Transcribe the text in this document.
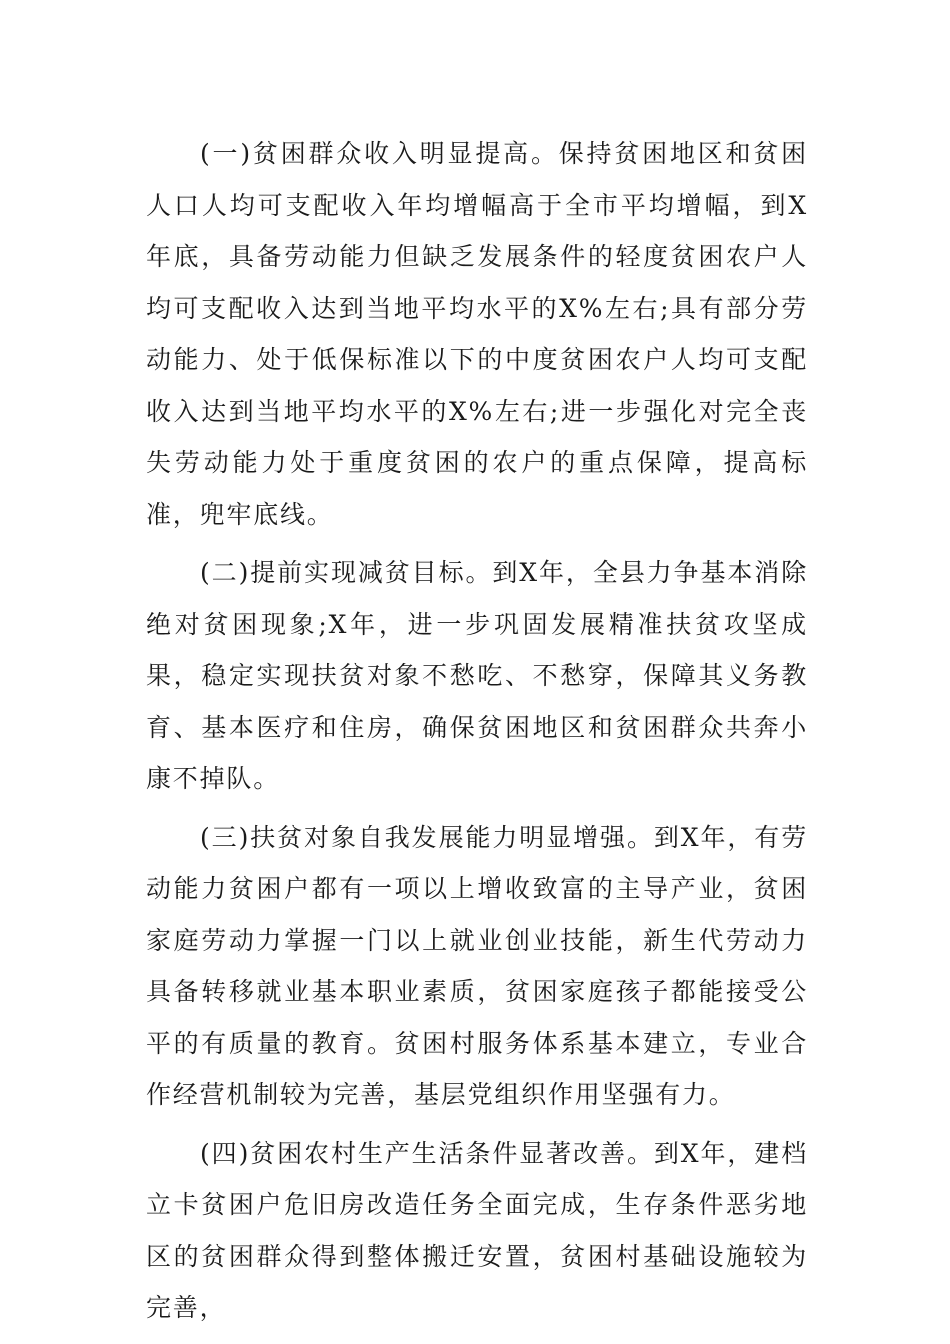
(一)贫困群众收入明显提高。保持贫困地区和贫困人口人均可支配收入年均增幅高于全市平均增幅，到X年底，具备劳动能力但缺乏发展条件的轻度贫困农户人均可支配收入达到当地平均水平的X%左右;具有部分劳动能力、处于低保标准以下的中度贫困农户人均可支配收入达到当地平均水平的X%左右;进一步强化对完全丧失劳动能力处于重度贫困的农户的重点保障，提高标准，兜牢底线。

(二)提前实现减贫目标。到X年，全县力争基本消除绝对贫困现象;X年，进一步巩固发展精准扶贫攻坚成果，稳定实现扶贫对象不愁吃、不愁穿，保障其义务教育、基本医疗和住房，确保贫困地区和贫困群众共奔小康不掉队。

(三)扶贫对象自我发展能力明显增强。到X年，有劳动能力贫困户都有一项以上增收致富的主导产业，贫困家庭劳动力掌握一门以上就业创业技能，新生代劳动力具备转移就业基本职业素质，贫困家庭孩子都能接受公平的有质量的教育。贫困村服务体系基本建立，专业合作经营机制较为完善，基层党组织作用坚强有力。

(四)贫困农村生产生活条件显著改善。到X年，建档立卡贫困户危旧房改造任务全面完成，生存条件恶劣地区的贫困群众得到整体搬迁安置，贫困村基础设施较为完善，
